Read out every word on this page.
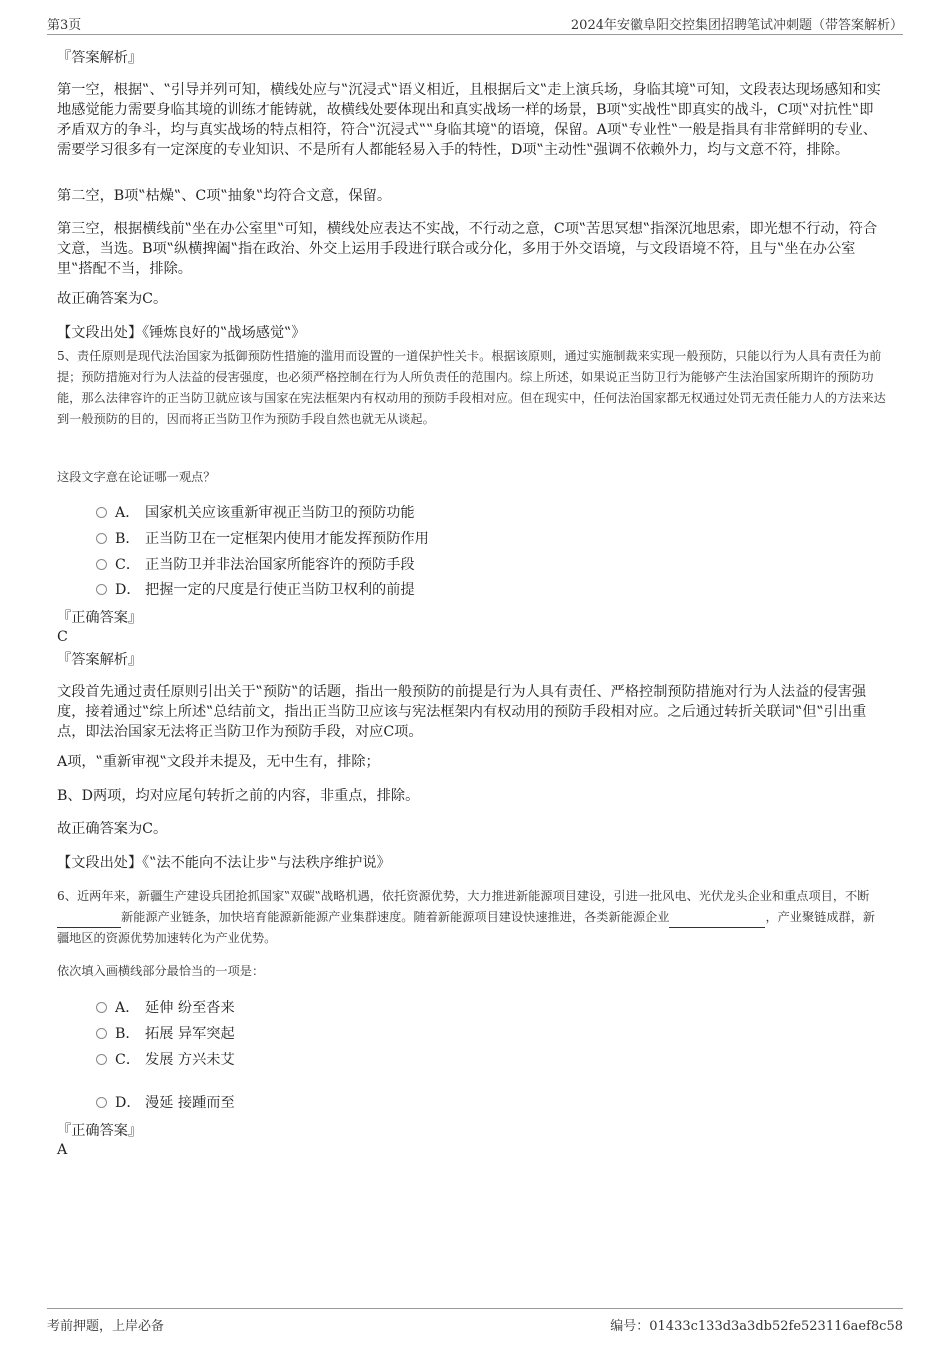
第3页	2024年安徽阜阳交控集团招聘笔试冲刺题（带答案解析）
『答案解析』

第一空，根据‟、‟引导并列可知，横线处应与‟沉浸式‟语义相近，且根据后文‟走上演兵场，身临其境‟可知，文段表达现场感知和实地感觉能力需要身临其境的训练才能铸就，故横线处要体现出和真实战场一样的场景，B项‟实战性‟即真实的战斗，C项‟对抗性‟即矛盾双方的争斗，均与真实战场的特点相符，符合‟沉浸式‟‟身临其境‟的语境，保留。A项‟专业性‟一般是指具有非常鲜明的专业、需要学习很多有一定深度的专业知识、不是所有人都能轻易入手的特性，D项‟主动性‟强调不依赖外力，均与文意不符，排除。

第二空，B项‟枯燥‟、C项‟抽象‟均符合文意，保留。

第三空，根据横线前‟坐在办公室里‟可知，横线处应表达不实战，不行动之意，C项‟苦思冥想‟指深沉地思索，即光想不行动，符合文意，当选。B项‟纵横捭阖‟指在政治、外交上运用手段进行联合或分化，多用于外交语境，与文段语境不符，且与‟坐在办公室里‟搭配不当，排除。

故正确答案为C。

【文段出处】《锤炼良好的‟战场感觉‟》

5、责任原则是现代法治国家为抵御预防性措施的滥用而设置的一道保护性关卡。根据该原则，通过实施制裁来实现一般预防，只能以行为人具有责任为前提；预防措施对行为人法益的侵害强度，也必须严格控制在行为人所负责任的范围内。综上所述，如果说正当防卫行为能够产生法治国家所期许的预防功能，那么法律容许的正当防卫就应该与国家在宪法框架内有权动用的预防手段相对应。但在现实中，任何法治国家都无权通过处罚无责任能力人的方法来达到一般预防的目的，因而将正当防卫作为预防手段自然也就无从谈起。

这段文字意在论证哪一观点？

A． 国家机关应该重新审视正当防卫的预防功能
B． 正当防卫在一定框架内使用才能发挥预防作用
C． 正当防卫并非法治国家所能容许的预防手段
D． 把握一定的尺度是行使正当防卫权利的前提
『正确答案』
C
『答案解析』

文段首先通过责任原则引出关于‟预防‟的话题，指出一般预防的前提是行为人具有责任、严格控制预防措施对行为人法益的侵害强度，接着通过‟综上所述‟总结前文，指出正当防卫应该与宪法框架内有权动用的预防手段相对应。之后通过转折关联词‟但‟引出重点，即法治国家无法将正当防卫作为预防手段，对应C项。

A项，‟重新审视‟文段并未提及，无中生有，排除；

B、D两项，均对应尾句转折之前的内容，非重点，排除。

故正确答案为C。

【文段出处】《‟法不能向不法让步‟与法秩序维护说》

6、近两年来，新疆生产建设兵团抢抓国家‟双碳‟战略机遇，依托资源优势，大力推进新能源项目建设，引进一批风电、光伏龙头企业和重点项目，不断新能源产业链条，加快培育能源新能源产业集群速度。随着新能源项目建设快速推进，各类新能源企业	，产业聚链成群，新疆地区的资源优势加速转化为产业优势。

依次填入画横线部分最恰当的一项是：

A． 延伸 纷至沓来
B． 拓展 异军突起
C． 发展 方兴未艾
D． 漫延 接踵而至
『正确答案』
A
考前押题，上岸必备	编号：01433c133d3a3db52fe523116aef8c58
